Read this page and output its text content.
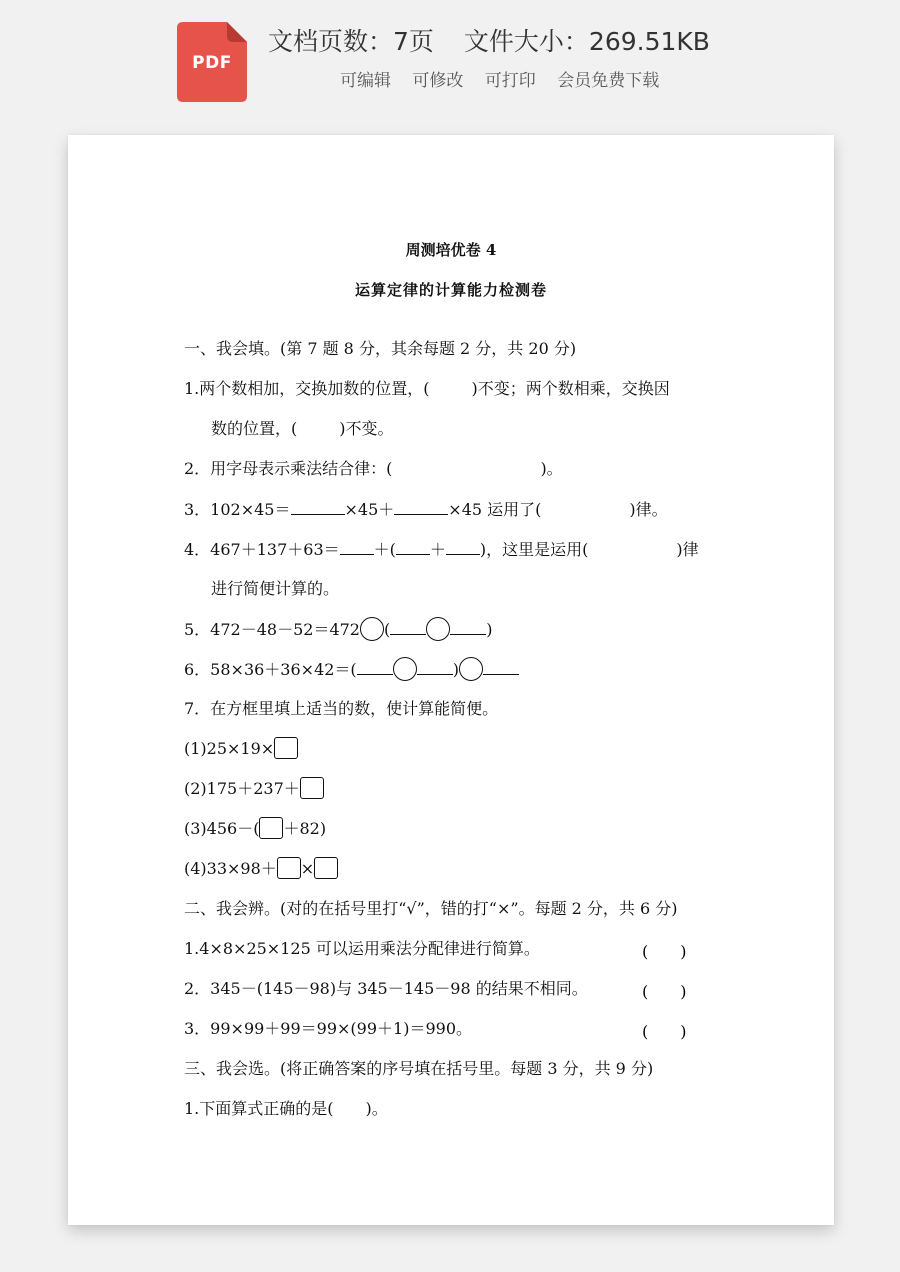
PDF
文档页数：7页 文件大小：269.51KB
可编辑 可修改 可打印 会员免费下载
周测培优卷 4
运算定律的计算能力检测卷
一、我会填。(第 7 题 8 分，其余每题 2 分，共 20 分)
1.两个数相加，交换加数的位置，(	)不变；两个数相乘，交换因
数的位置，(	)不变。
2．用字母表示乘法结合律：(	)。
3．102×45＝	×45＋	×45 运用了(	)律。
4．467＋137＋63＝ ＋( ＋ )，这里是运用(	)律
进行简便计算的。
5．472－48－52＝472 (	)
6．58×36＋36×42＝(	)
7．在方框里填上适当的数，使计算能简便。
(1)25×19×
(2)175＋237＋
(3)456－( ＋82)
(4)33×98＋ ×
二、我会辨。(对的在括号里打“√”，错的打“×”。每题 2 分，共 6 分)
1.4×8×25×125 可以运用乘法分配律进行简算。	(　　)
2．345－(145－98)与 345－145－98 的结果不相同。	(　　)
3．99×99＋99＝99×(99＋1)＝990。	(　　)
三、我会选。(将正确答案的序号填在括号里。每题 3 分，共 9 分)
1.下面算式正确的是(　　)。
